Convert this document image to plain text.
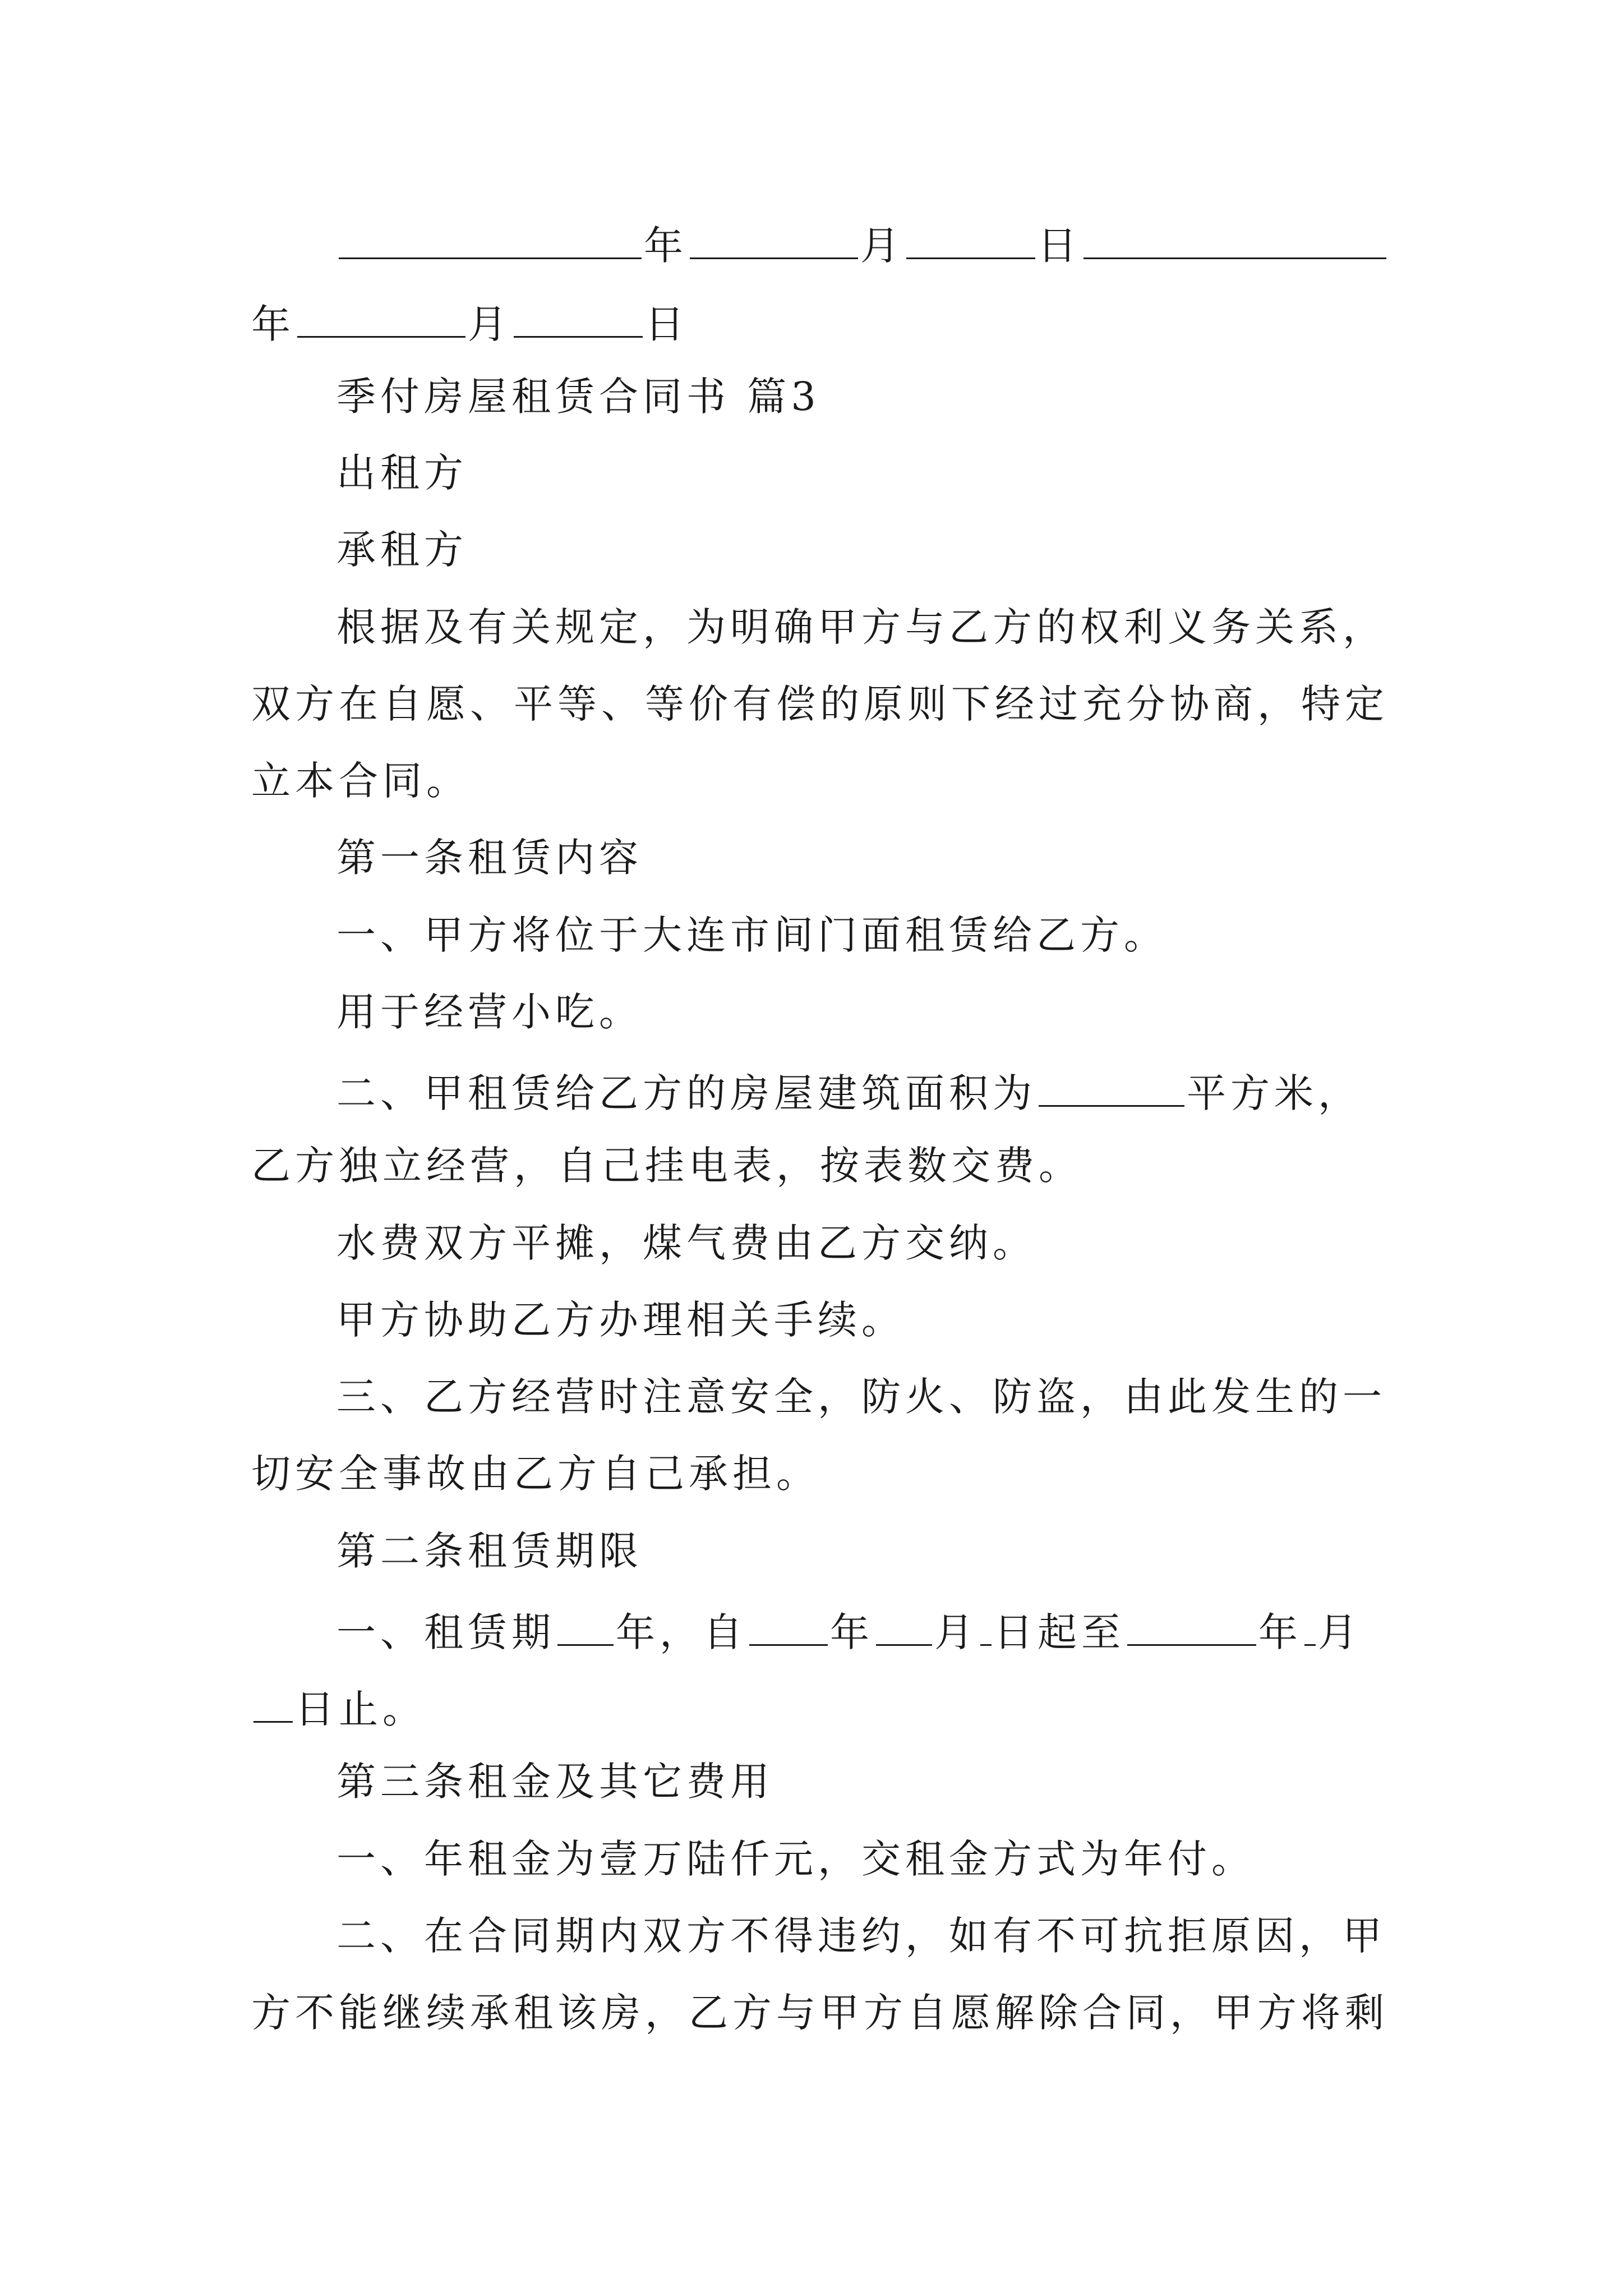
年	月	日
年	月	日
季付房屋租赁合同书 篇3
出租方
承租方
根据及有关规定，为明确甲方与乙方的权利义务关系，
双方在自愿、平等、等价有偿的原则下经过充分协商，特定
立本合同。
第一条租赁内容
一、甲方将位于大连市间门面租赁给乙方。
用于经营小吃。
二、甲租赁给乙方的房屋建筑面积为	平方米，
乙方独立经营，自己挂电表，按表数交费。
水费双方平摊，煤气费由乙方交纳。
甲方协助乙方办理相关手续。
三、乙方经营时注意安全，防火、防盗，由此发生的一
切安全事故由乙方自己承担。
第二条租赁期限
一、租赁期 年，自 年 月 日起至	年 月
日止。
第三条租金及其它费用
一、年租金为壹万陆仟元，交租金方式为年付。
二、在合同期内双方不得违约，如有不可抗拒原因，甲
方不能继续承租该房，乙方与甲方自愿解除合同，甲方将剩
